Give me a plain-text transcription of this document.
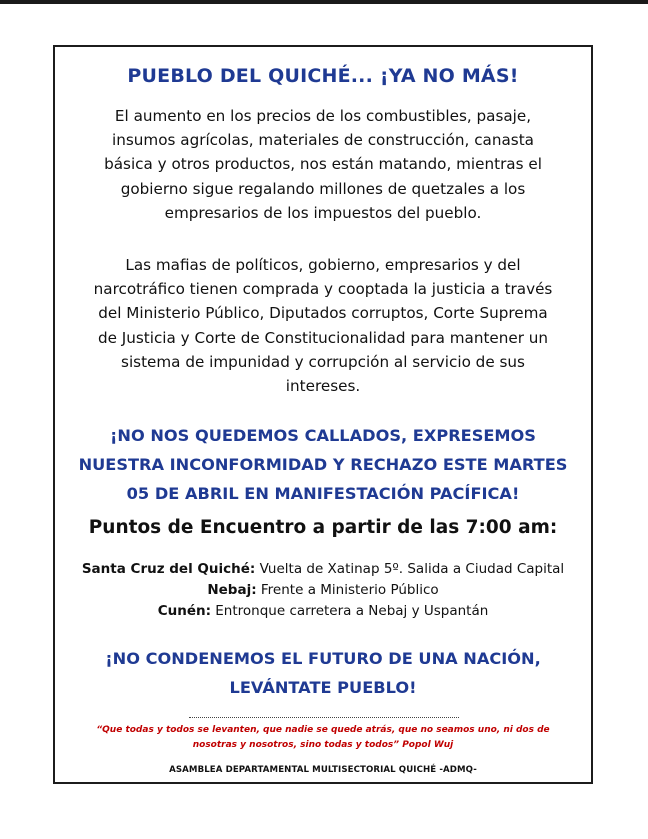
PUEBLO DEL QUICHÉ... ¡YA NO MÁS!
El aumento en los precios de los combustibles, pasaje,
insumos agrícolas, materiales de construcción, canasta
básica y otros productos, nos están matando, mientras el
gobierno sigue regalando millones de quetzales a los
empresarios de los impuestos del pueblo.
Las mafias de políticos, gobierno, empresarios y del
narcotráfico tienen comprada y cooptada la justicia a través
del Ministerio Público, Diputados corruptos, Corte Suprema
de Justicia y Corte de Constitucionalidad para mantener un
sistema de impunidad y corrupción al servicio de sus
intereses.
¡NO NOS QUEDEMOS CALLADOS, EXPRESEMOS
NUESTRA INCONFORMIDAD Y RECHAZO ESTE MARTES
05 DE ABRIL EN MANIFESTACIÓN PACÍFICA!
Puntos de Encuentro a partir de las 7:00 am:
Santa Cruz del Quiché: Vuelta de Xatinap 5º. Salida a Ciudad Capital
Nebaj: Frente a Ministerio Público
Cunén: Entronque carretera a Nebaj y Uspantán
¡NO CONDENEMOS EL FUTURO DE UNA NACIÓN,
LEVÁNTATE PUEBLO!
“Que todas y todos se levanten, que nadie se quede atrás, que no seamos uno, ni dos de
nosotras y nosotros, sino todas y todos” Popol Wuj
ASAMBLEA DEPARTAMENTAL MULTISECTORIAL QUICHÉ -ADMQ-
